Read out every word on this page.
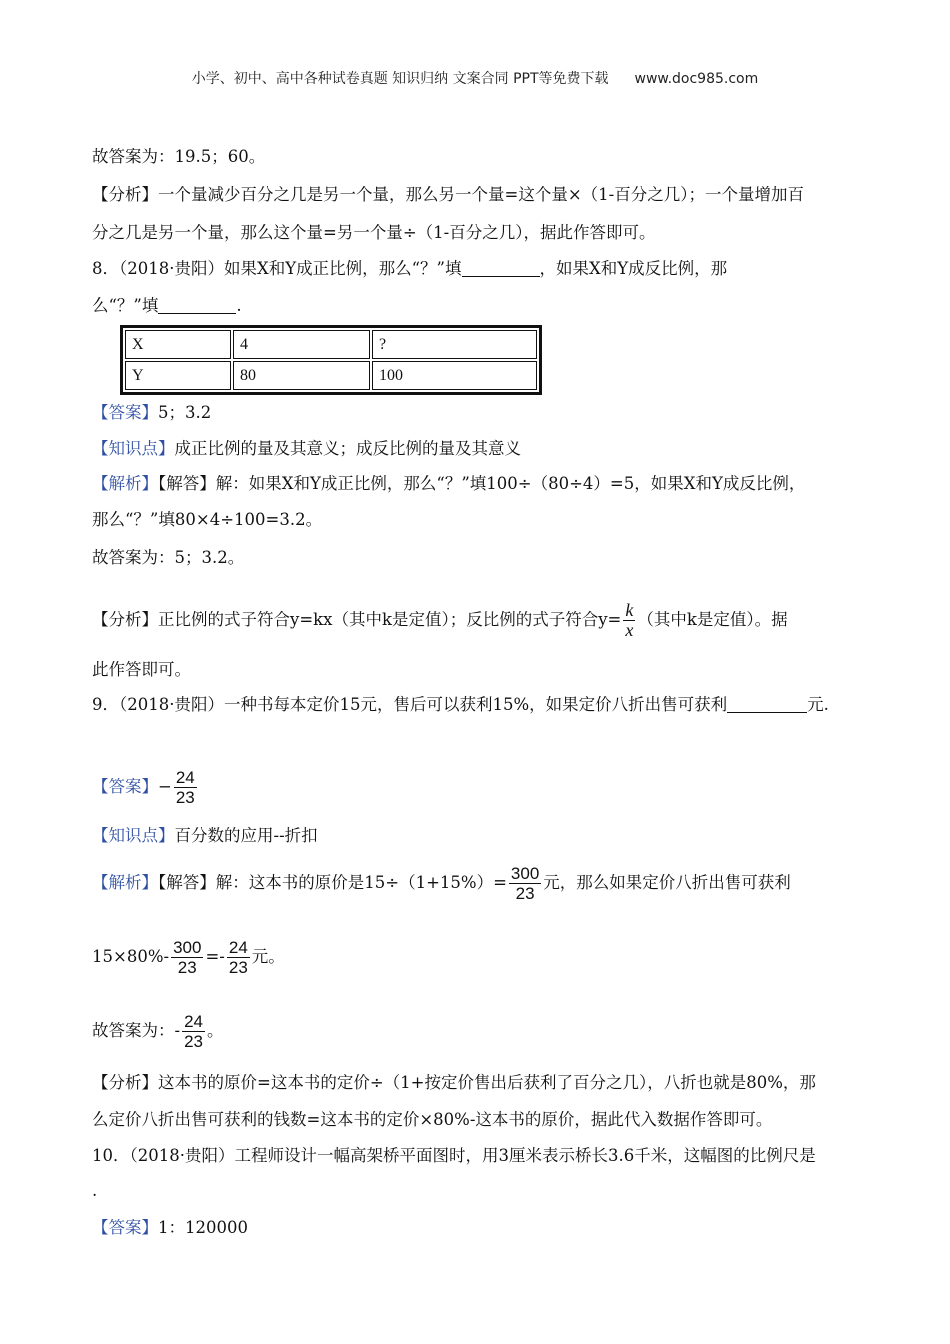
小学、初中、高中各种试卷真题 知识归纳 文案合同 PPT等免费下载 www.doc985.com
故答案为：19.5；60。
【分析】一个量减少百分之几是另一个量，那么另一个量=这个量×（1-百分之几）；一个量增加百
分之几是另一个量，那么这个量=另一个量÷（1-百分之几），据此作答即可。
8．（2018·贵阳）如果X和Y成正比例，那么“？”填	，如果X和Y成反比例，那
么“？”填	.
X	4	?
Y	80	100
【答案】5；3.2
【知识点】成正比例的量及其意义；成反比例的量及其意义
【解析】【解答】解：如果X和Y成正比例，那么“？”填100÷（80÷4）=5，如果X和Y成反比例，
那么“？”填80×4÷100=3.2。
故答案为：5；3.2。
【分析】正比例的式子符合y=kx（其中k是定值）；反比例的式子符合$y= \frac{k}{x}$ （其中k是定值）。据
此作答即可。
9．（2018·贵阳）一种书每本定价15元，售后可以获利15%，如果定价八折出售可获利	元.
【答案】− $\frac{24}{23}$
【知识点】百分数的应用--折扣
【解析】【解答】解：这本书的原价是$15\div(1+15\%)= \frac{300}{23}$ 元，那么如果定价八折出售可获利
$15\times 80\%- \frac{300}{23} =- \frac{24}{23}$ 元。
故答案为：- $\frac{24}{23}$ 。
【分析】这本书的原价=这本书的定价÷（1+按定价售出后获利了百分之几），八折也就是80%，那
么定价八折出售可获利的钱数=这本书的定价×80%-这本书的原价，据此代入数据作答即可。
10．（2018·贵阳）工程师设计一幅高架桥平面图时，用3厘米表示桥长3.6千米，这幅图的比例尺是
.
【答案】1：120000
